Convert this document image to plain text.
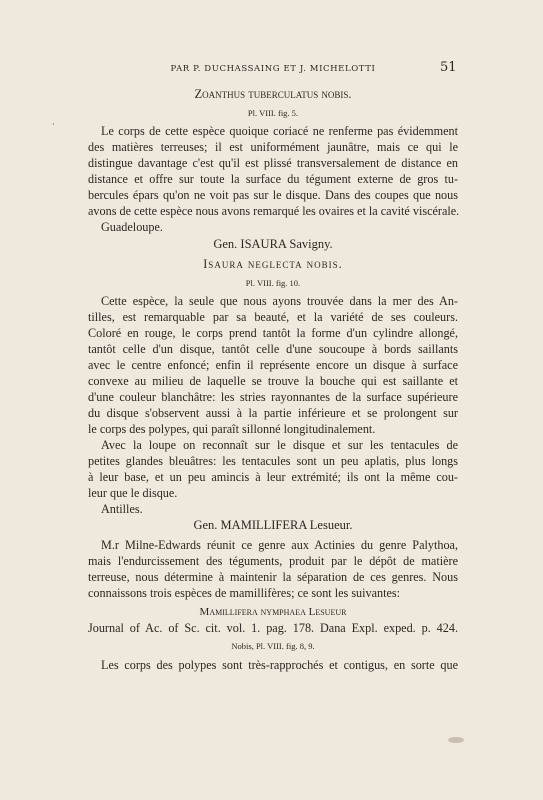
PAR P. DUCHASSAING ET J. MICHELOTTI	51
‘
Zoanthus tuberculatus nobis.
Pl. VIII. fig. 5.
Le corps de cette espèce quoique coriacé ne renferme pas évidemment
des matières terreuses; il est uniformément jaunâtre, mais ce qui le
distingue davantage c'est qu'il est plissé transversalement de distance en
distance et offre sur toute la surface du tégument externe de gros tu-
bercules épars qu'on ne voit pas sur le disque. Dans des coupes que nous
avons de cette espèce nous avons remarqué les ovaires et la cavité viscérale.
Guadeloupe.
Gen. ISAURA Savigny.
Isaura neglecta nobis.
Pl. VIII. fig. 10.
Cette espèce, la seule que nous ayons trouvée dans la mer des An-
tilles, est remarquable par sa beauté, et la variété de ses couleurs.
Coloré en rouge, le corps prend tantôt la forme d'un cylindre allongé,
tantôt celle d'un disque, tantôt celle d'une soucoupe à bords saillants
avec le centre enfoncé; enfin il représente encore un disque à surface
convexe au milieu de laquelle se trouve la bouche qui est saillante et
d'une couleur blanchâtre: les stries rayonnantes de la surface supérieure
du disque s'observent aussi à la partie inférieure et se prolongent sur
le corps des polypes, qui paraît sillonné longitudinalement.
Avec la loupe on reconnaît sur le disque et sur les tentacules de
petites glandes bleuâtres: les tentacules sont un peu aplatis, plus longs
à leur base, et un peu amincis à leur extrémité; ils ont la même cou-
leur que le disque.
Antilles.
Gen. MAMILLIFERA Lesueur.
M.r Milne-Edwards réunit ce genre aux Actinies du genre Palythoa,
mais l'endurcissement des téguments, produit par le dépôt de matière
terreuse, nous détermine à maintenir la séparation de ces genres. Nous
connaissons trois espèces de mamillifères; ce sont les suivantes:
Mamillifera nymphaea Lesueur
Journal of Ac. of Sc. cit. vol. 1. pag. 178. Dana Expl. exped. p. 424.
Nobis, Pl. VIII. fig. 8, 9.
Les corps des polypes sont très-rapprochés et contigus, en sorte que
